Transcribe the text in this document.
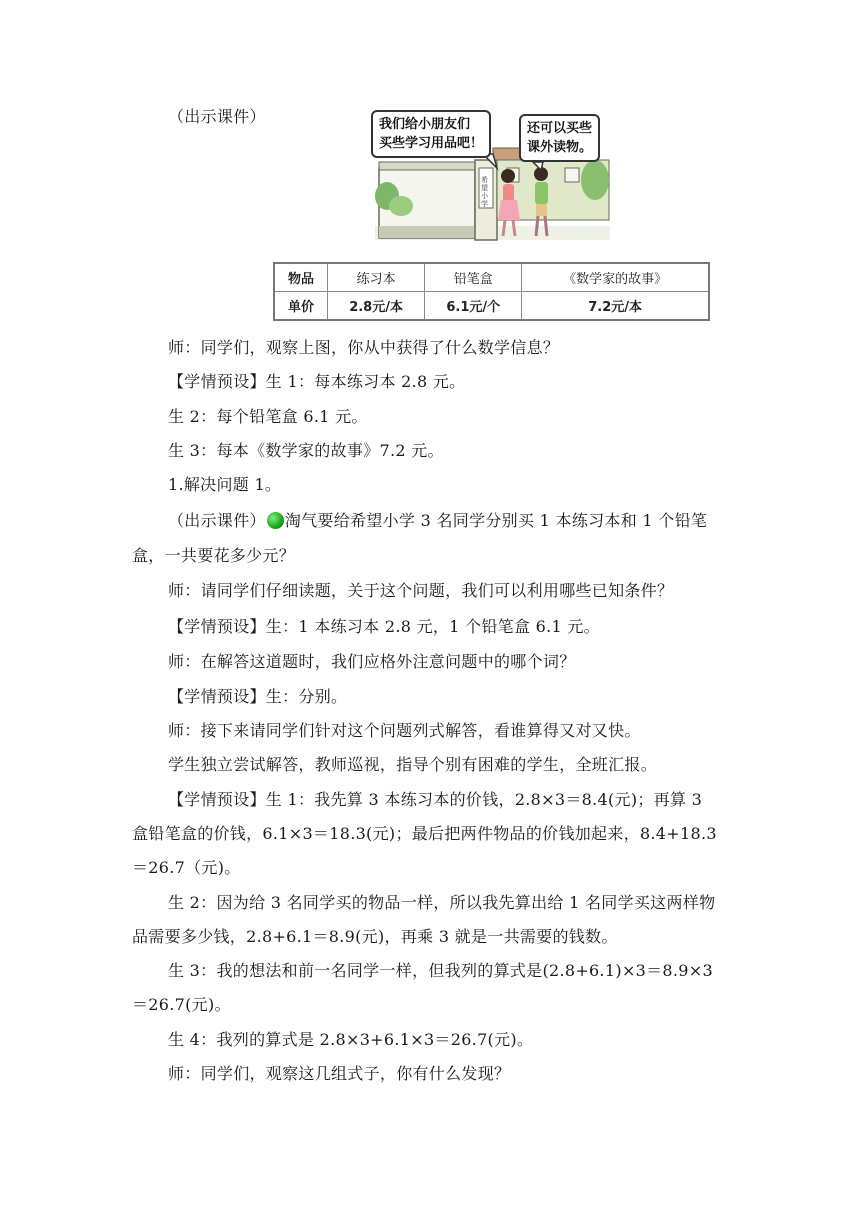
（出示课件）	我们给小朋友们
买些学习用品吧！
还可以买些
课外读物。
希望小学
物品	练习本	铅笔盒	《数学家的故事》
单价	2.8元/本	6.1元/个	7.2元/本
师：同学们，观察上图，你从中获得了什么数学信息？
【学情预设】生 1：每本练习本 2.8 元。
生 2：每个铅笔盒 6.1 元。
生 3：每本《数学家的故事》7.2 元。
1.解决问题 1。
（出示课件） 淘气要给希望小学 3 名同学分别买 1 本练习本和 1 个铅笔
盒，一共要花多少元？
师：请同学们仔细读题，关于这个问题，我们可以利用哪些已知条件？
【学情预设】生：1 本练习本 2.8 元，1 个铅笔盒 6.1 元。
师：在解答这道题时，我们应格外注意问题中的哪个词？
【学情预设】生：分别。
师：接下来请同学们针对这个问题列式解答，看谁算得又对又快。
学生独立尝试解答，教师巡视，指导个别有困难的学生，全班汇报。
【学情预设】生 1：我先算 3 本练习本的价钱，2.8×3＝8.4(元)；再算 3
盒铅笔盒的价钱，6.1×3＝18.3(元)；最后把两件物品的价钱加起来，8.4+18.3
＝26.7（元)。
生 2：因为给 3 名同学买的物品一样，所以我先算出给 1 名同学买这两样物
品需要多少钱，2.8+6.1＝8.9(元)，再乘 3 就是一共需要的钱数。
生 3：我的想法和前一名同学一样，但我列的算式是(2.8+6.1)×3＝8.9×3
＝26.7(元)。
生 4：我列的算式是 2.8×3+6.1×3＝26.7(元)。
师：同学们，观察这几组式子，你有什么发现？
